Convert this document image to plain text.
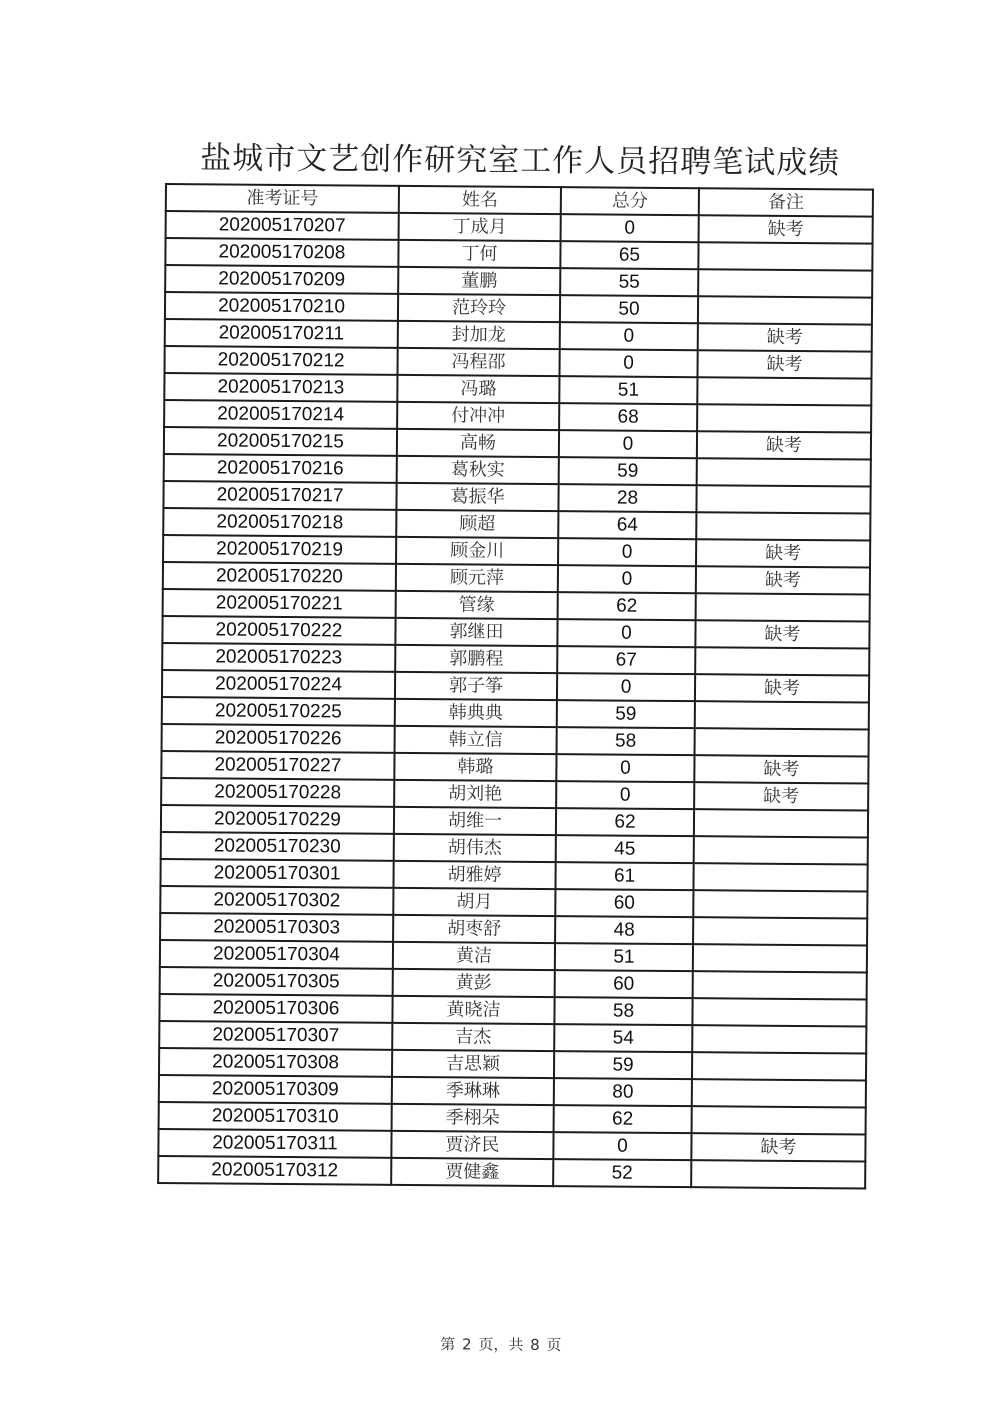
盐城市文艺创作研究室工作人员招聘笔试成绩
准考证号	姓名	总分	备注
202005170207	丁成月	0	缺考
202005170208	丁何	65	
202005170209	董鹏	55	
202005170210	范玲玲	50	
202005170211	封加龙	0	缺考
202005170212	冯程邵	0	缺考
202005170213	冯璐	51	
202005170214	付冲冲	68	
202005170215	高畅	0	缺考
202005170216	葛秋实	59	
202005170217	葛振华	28	
202005170218	顾超	64	
202005170219	顾金川	0	缺考
202005170220	顾元萍	0	缺考
202005170221	管缘	62	
202005170222	郭继田	0	缺考
202005170223	郭鹏程	67	
202005170224	郭子筝	0	缺考
202005170225	韩典典	59	
202005170226	韩立信	58	
202005170227	韩璐	0	缺考
202005170228	胡刘艳	0	缺考
202005170229	胡维一	62	
202005170230	胡伟杰	45	
202005170301	胡雅婷	61	
202005170302	胡月	60	
202005170303	胡枣舒	48	
202005170304	黄洁	51	
202005170305	黄彭	60	
202005170306	黄晓洁	58	
202005170307	吉杰	54	
202005170308	吉思颖	59	
202005170309	季琳琳	80	
202005170310	季栩朵	62	
202005170311	贾济民	0	缺考
202005170312	贾健鑫	52	
第 2 页，共 8 页
